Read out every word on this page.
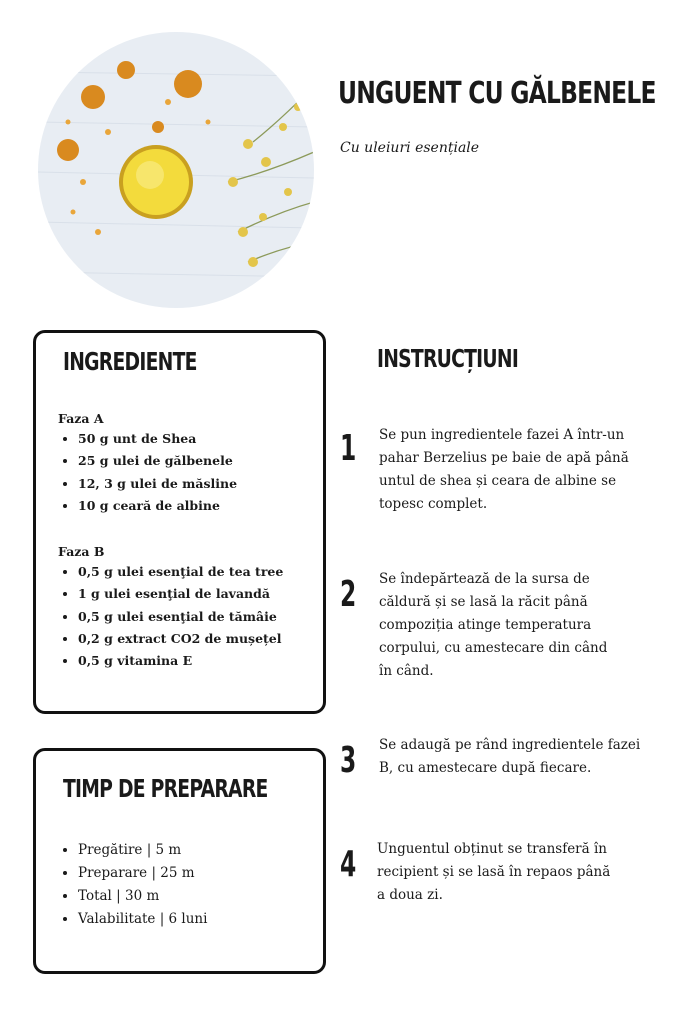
UNGUENT CU GĂLBENELE
Cu uleiuri esențiale
INGREDIENTE
Faza A
• 50 g unt de Shea
• 25 g ulei de gălbenele
• 12, 3 g ulei de măsline
• 10 g ceară de albine
Faza B
• 0,5 g ulei esenţial de tea tree
• 1 g ulei esenţial de lavandă
• 0,5 g ulei esenţial de tămâie
• 0,2 g extract CO2 de mușețel
• 0,5 g vitamina E
TIMP DE PREPARARE
• Pregătire | 5 m
• Preparare | 25 m
• Total | 30 m
• Valabilitate | 6 luni
INSTRUCȚIUNI
1 Se pun ingredientele fazei A într-un pahar Berzelius pe baie de apă până untul de shea și ceara de albine se topesc complet.
2 Se îndepărtează de la sursa de căldură și se lasă la răcit până compoziția atinge temperatura corpului, cu amestecare din când în când.
3 Se adaugă pe rând ingredientele fazei B, cu amestecare după fiecare.
4 Unguentul obținut se transferă în recipient și se lasă în repaos până a doua zi.
